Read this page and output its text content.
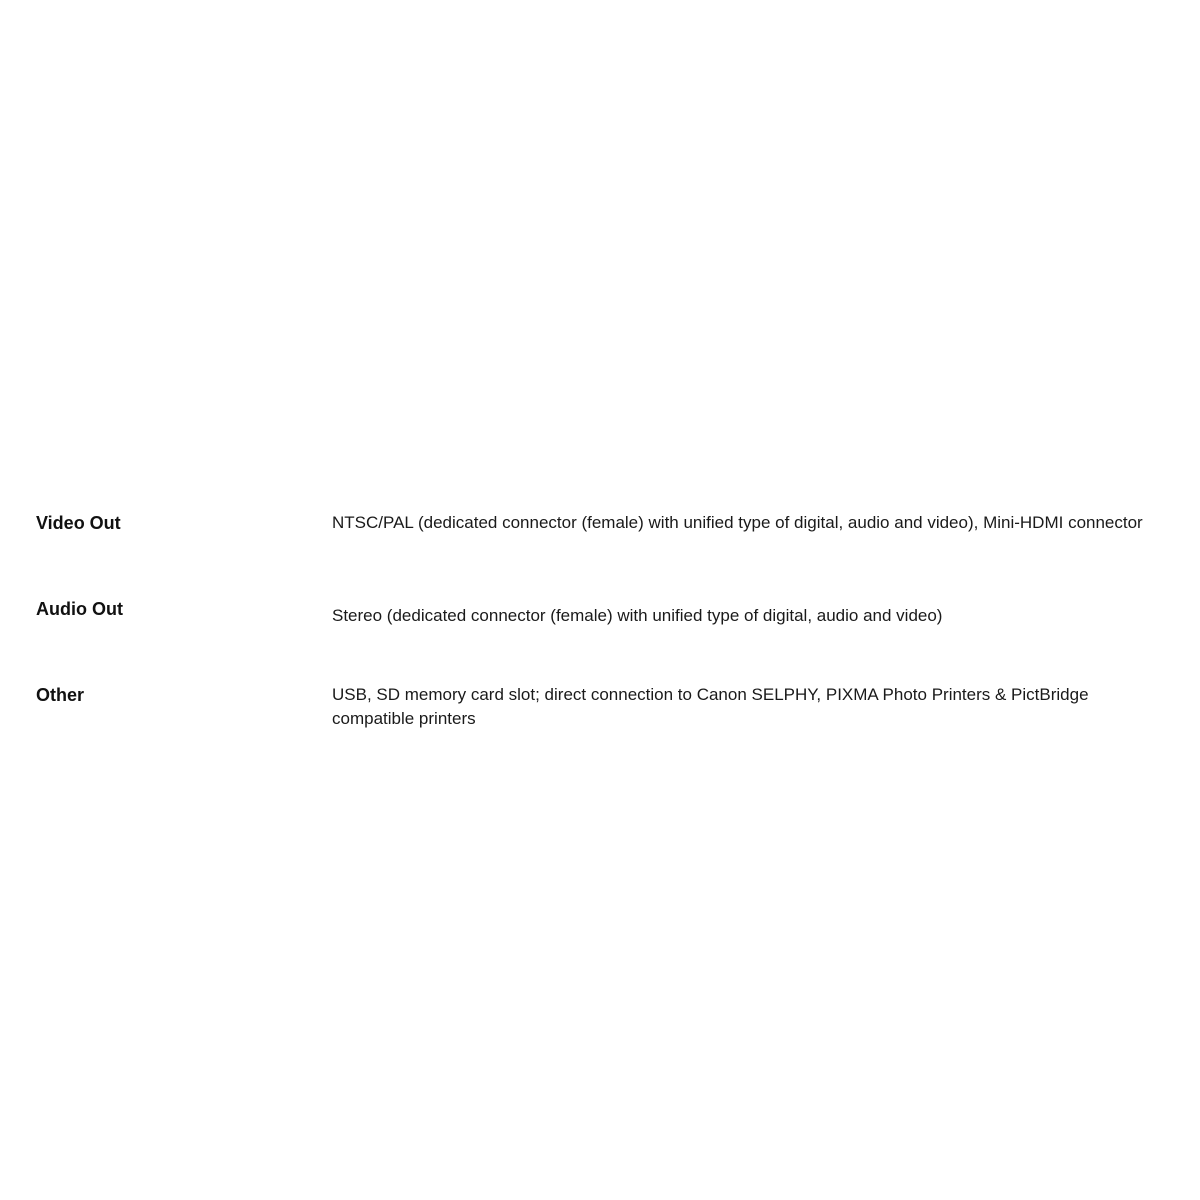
Video Out	NTSC/PAL (dedicated connector (female) with unified type of digital, audio and video), Mini-HDMI connector
Audio Out	Stereo (dedicated connector (female) with unified type of digital, audio and video)
Other	USB, SD memory card slot; direct connection to Canon SELPHY, PIXMA Photo Printers & PictBridge compatible printers
